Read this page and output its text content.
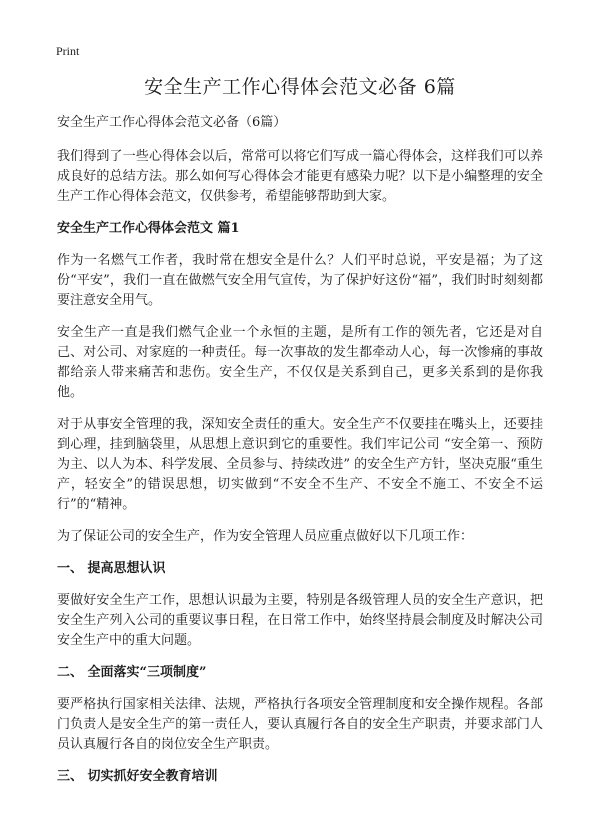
Print
安全生产工作心得体会范文必备 6篇
安全生产工作心得体会范文必备（6篇）

我们得到了一些心得体会以后，常常可以将它们写成一篇心得体会，这样我们可以养成良好的总结方法。那么如何写心得体会才能更有感染力呢？以下是小编整理的安全生产工作心得体会范文，仅供参考，希望能够帮助到大家。

安全生产工作心得体会范文 篇1

作为一名燃气工作者，我时常在想安全是什么？人们平时总说，平安是福；为了这份“平安”，我们一直在做燃气安全用气宣传，为了保护好这份“福”，我们时时刻刻都要注意安全用气。

安全生产一直是我们燃气企业一个永恒的主题，是所有工作的领先者，它还是对自己、对公司、对家庭的一种责任。每一次事故的发生都牵动人心，每一次惨痛的事故都给亲人带来痛苦和悲伤。安全生产，不仅仅是关系到自己，更多关系到的是你我他。

对于从事安全管理的我，深知安全责任的重大。安全生产不仅要挂在嘴头上，还要挂到心理，挂到脑袋里，从思想上意识到它的重要性。我们牢记公司 “安全第一、预防为主、以人为本、科学发展、全员参与、持续改进” 的安全生产方针，坚决克服“重生产，轻安全”的错误思想，切实做到“不安全不生产、不安全不施工、不安全不运行”的“精神。

为了保证公司的安全生产，作为安全管理人员应重点做好以下几项工作：

一、 提高思想认识

要做好安全生产工作，思想认识最为主要，特别是各级管理人员的安全生产意识，把安全生产列入公司的重要议事日程，在日常工作中，始终坚持晨会制度及时解决公司安全生产中的重大问题。

二、 全面落实“三项制度”

要严格执行国家相关法律、法规，严格执行各项安全管理制度和安全操作规程。各部门负责人是安全生产的第一责任人，要认真履行各自的安全生产职责，并要求部门人员认真履行各自的岗位安全生产职责。

三、 切实抓好安全教育培训
